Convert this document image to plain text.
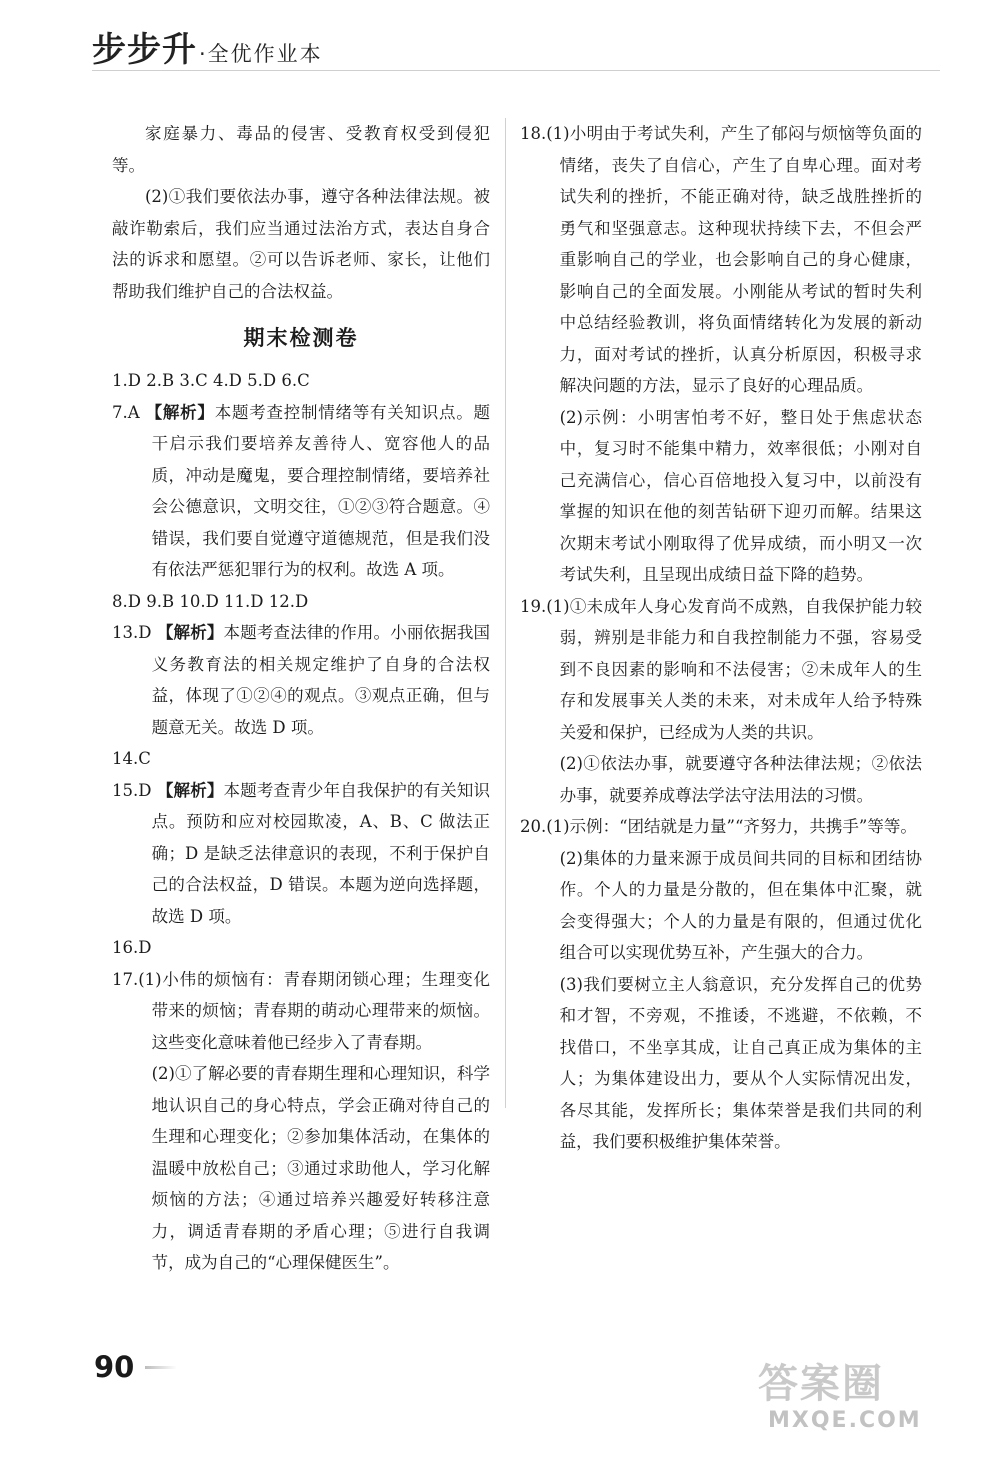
步步升 ·全优作业本

家庭暴力、毒品的侵害、受教育权受到侵犯等。

(2)①我们要依法办事，遵守各种法律法规。被敲诈勒索后，我们应当通过法治方式，表达自身合法的诉求和愿望。②可以告诉老师、家长，让他们帮助我们维护自己的合法权益。

期末检测卷

1.D 2.B 3.C 4.D 5.D 6.C

7.A 【解析】本题考查控制情绪等有关知识点。题干启示我们要培养友善待人、宽容他人的品质，冲动是魔鬼，要合理控制情绪，要培养社会公德意识，文明交往，①②③符合题意。④错误，我们要自觉遵守道德规范，但是我们没有依法严惩犯罪行为的权利。故选 A 项。

8.D 9.B 10.D 11.D 12.D

13.D 【解析】本题考查法律的作用。小丽依据我国义务教育法的相关规定维护了自身的合法权益，体现了①②④的观点。③观点正确，但与题意无关。故选 D 项。

14.C

15.D 【解析】本题考查青少年自我保护的有关知识点。预防和应对校园欺凌，A、B、C 做法正确；D 是缺乏法律意识的表现，不利于保护自己的合法权益，D 错误。本题为逆向选择题，故选 D 项。

16.D

17.(1)小伟的烦恼有：青春期闭锁心理；生理变化带来的烦恼；青春期的萌动心理带来的烦恼。这些变化意味着他已经步入了青春期。

(2)①了解必要的青春期生理和心理知识，科学地认识自己的身心特点，学会正确对待自己的生理和心理变化；②参加集体活动，在集体的温暖中放松自己；③通过求助他人，学习化解烦恼的方法；④通过培养兴趣爱好转移注意力，调适青春期的矛盾心理；⑤进行自我调节，成为自己的“心理保健医生”。

18.(1)小明由于考试失利，产生了郁闷与烦恼等负面的情绪，丧失了自信心，产生了自卑心理。面对考试失利的挫折，不能正确对待，缺乏战胜挫折的勇气和坚强意志。这种现状持续下去，不但会严重影响自己的学业，也会影响自己的身心健康，影响自己的全面发展。小刚能从考试的暂时失利中总结经验教训，将负面情绪转化为发展的新动力，面对考试的挫折，认真分析原因，积极寻求解决问题的方法，显示了良好的心理品质。

(2)示例：小明害怕考不好，整日处于焦虑状态中，复习时不能集中精力，效率很低；小刚对自己充满信心，信心百倍地投入复习中，以前没有掌握的知识在他的刻苦钻研下迎刃而解。结果这次期末考试小刚取得了优异成绩，而小明又一次考试失利，且呈现出成绩日益下降的趋势。

19.(1)①未成年人身心发育尚不成熟，自我保护能力较弱，辨别是非能力和自我控制能力不强，容易受到不良因素的影响和不法侵害；②未成年人的生存和发展事关人类的未来，对未成年人给予特殊关爱和保护，已经成为人类的共识。

(2)①依法办事，就要遵守各种法律法规；②依法办事，就要养成尊法学法守法用法的习惯。

20.(1)示例：“团结就是力量”“齐努力，共携手”等等。

(2)集体的力量来源于成员间共同的目标和团结协作。个人的力量是分散的，但在集体中汇聚，就会变得强大；个人的力量是有限的，但通过优化组合可以实现优势互补，产生强大的合力。

(3)我们要树立主人翁意识，充分发挥自己的优势和才智，不旁观，不推诿，不逃避，不依赖，不找借口，不坐享其成，让自己真正成为集体的主人；为集体建设出力，要从个人实际情况出发，各尽其能，发挥所长；集体荣誉是我们共同的利益，我们要积极维护集体荣誉。

90	答案圈
MXQE.COM
